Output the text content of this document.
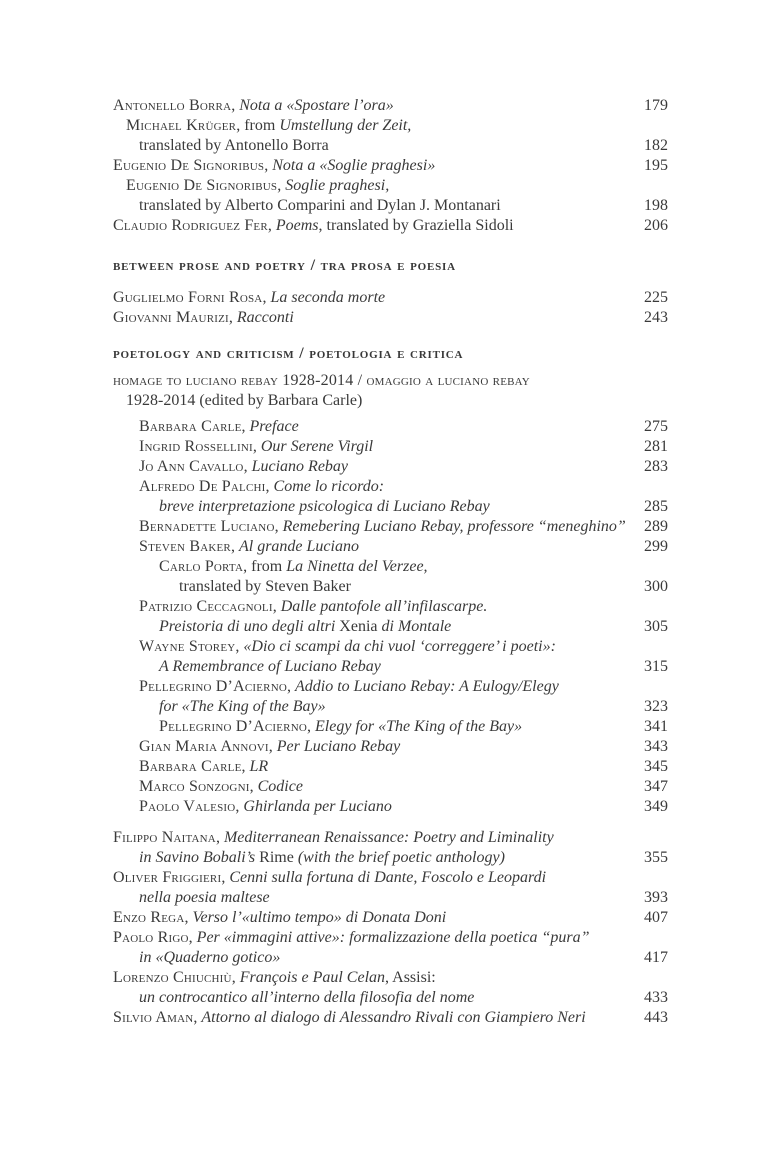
Antonello Borra, Nota a «Spostare l’ora»	179
Michael Krüger, from Umstellung der Zeit,
translated by Antonello Borra	182
Eugenio De Signoribus, Nota a «Soglie praghesi»	195
Eugenio De Signoribus, Soglie praghesi,
translated by Alberto Comparini and Dylan J. Montanari	198
Claudio Rodriguez Fer, Poems, translated by Graziella Sidoli	206
between prose and poetry / tra prosa e poesia
Guglielmo Forni Rosa, La seconda morte	225
Giovanni Maurizi, Racconti	243
poetology and criticism / poetologia e critica
homage to luciano rebay 1928-2014 / omaggio a luciano rebay
1928-2014 (edited by Barbara Carle)
Barbara Carle, Preface	275
Ingrid Rossellini, Our Serene Virgil	281
Jo Ann Cavallo, Luciano Rebay	283
Alfredo De Palchi, Come lo ricordo:
breve interpretazione psicologica di Luciano Rebay	285
Bernadette Luciano, Remebering Luciano Rebay, professore “meneghino” 289
Steven Baker, Al grande Luciano	299
Carlo Porta, from La Ninetta del Verzee,
translated by Steven Baker	300
Patrizio Ceccagnoli, Dalle pantofole all’infilascarpe.
Preistoria di uno degli altri Xenia di Montale	305
Wayne Storey, «Dio ci scampi da chi vuol ‘correggere’ i poeti»:
A Remembrance of Luciano Rebay	315
Pellegrino D’Acierno, Addio to Luciano Rebay: A Eulogy/Elegy
for «The King of the Bay»	323
Pellegrino D’Acierno, Elegy for «The King of the Bay»	341
Gian Maria Annovi, Per Luciano Rebay	343
Barbara Carle, LR	345
Marco Sonzogni, Codice	347
Paolo Valesio, Ghirlanda per Luciano	349
Filippo Naitana, Mediterranean Renaissance: Poetry and Liminality
in Savino Bobali’s Rime (with the brief poetic anthology)	355
Oliver Friggieri, Cenni sulla fortuna di Dante, Foscolo e Leopardi
nella poesia maltese	393
Enzo Rega, Verso l’«ultimo tempo» di Donata Doni	407
Paolo Rigo, Per «immagini attive»: formalizzazione della poetica “pura”
in «Quaderno gotico»	417
Lorenzo Chiuchiù, François e Paul Celan, Assisi:
un controcantico all’interno della filosofia del nome	433
Silvio Aman, Attorno al dialogo di Alessandro Rivali con Giampiero Neri	443
